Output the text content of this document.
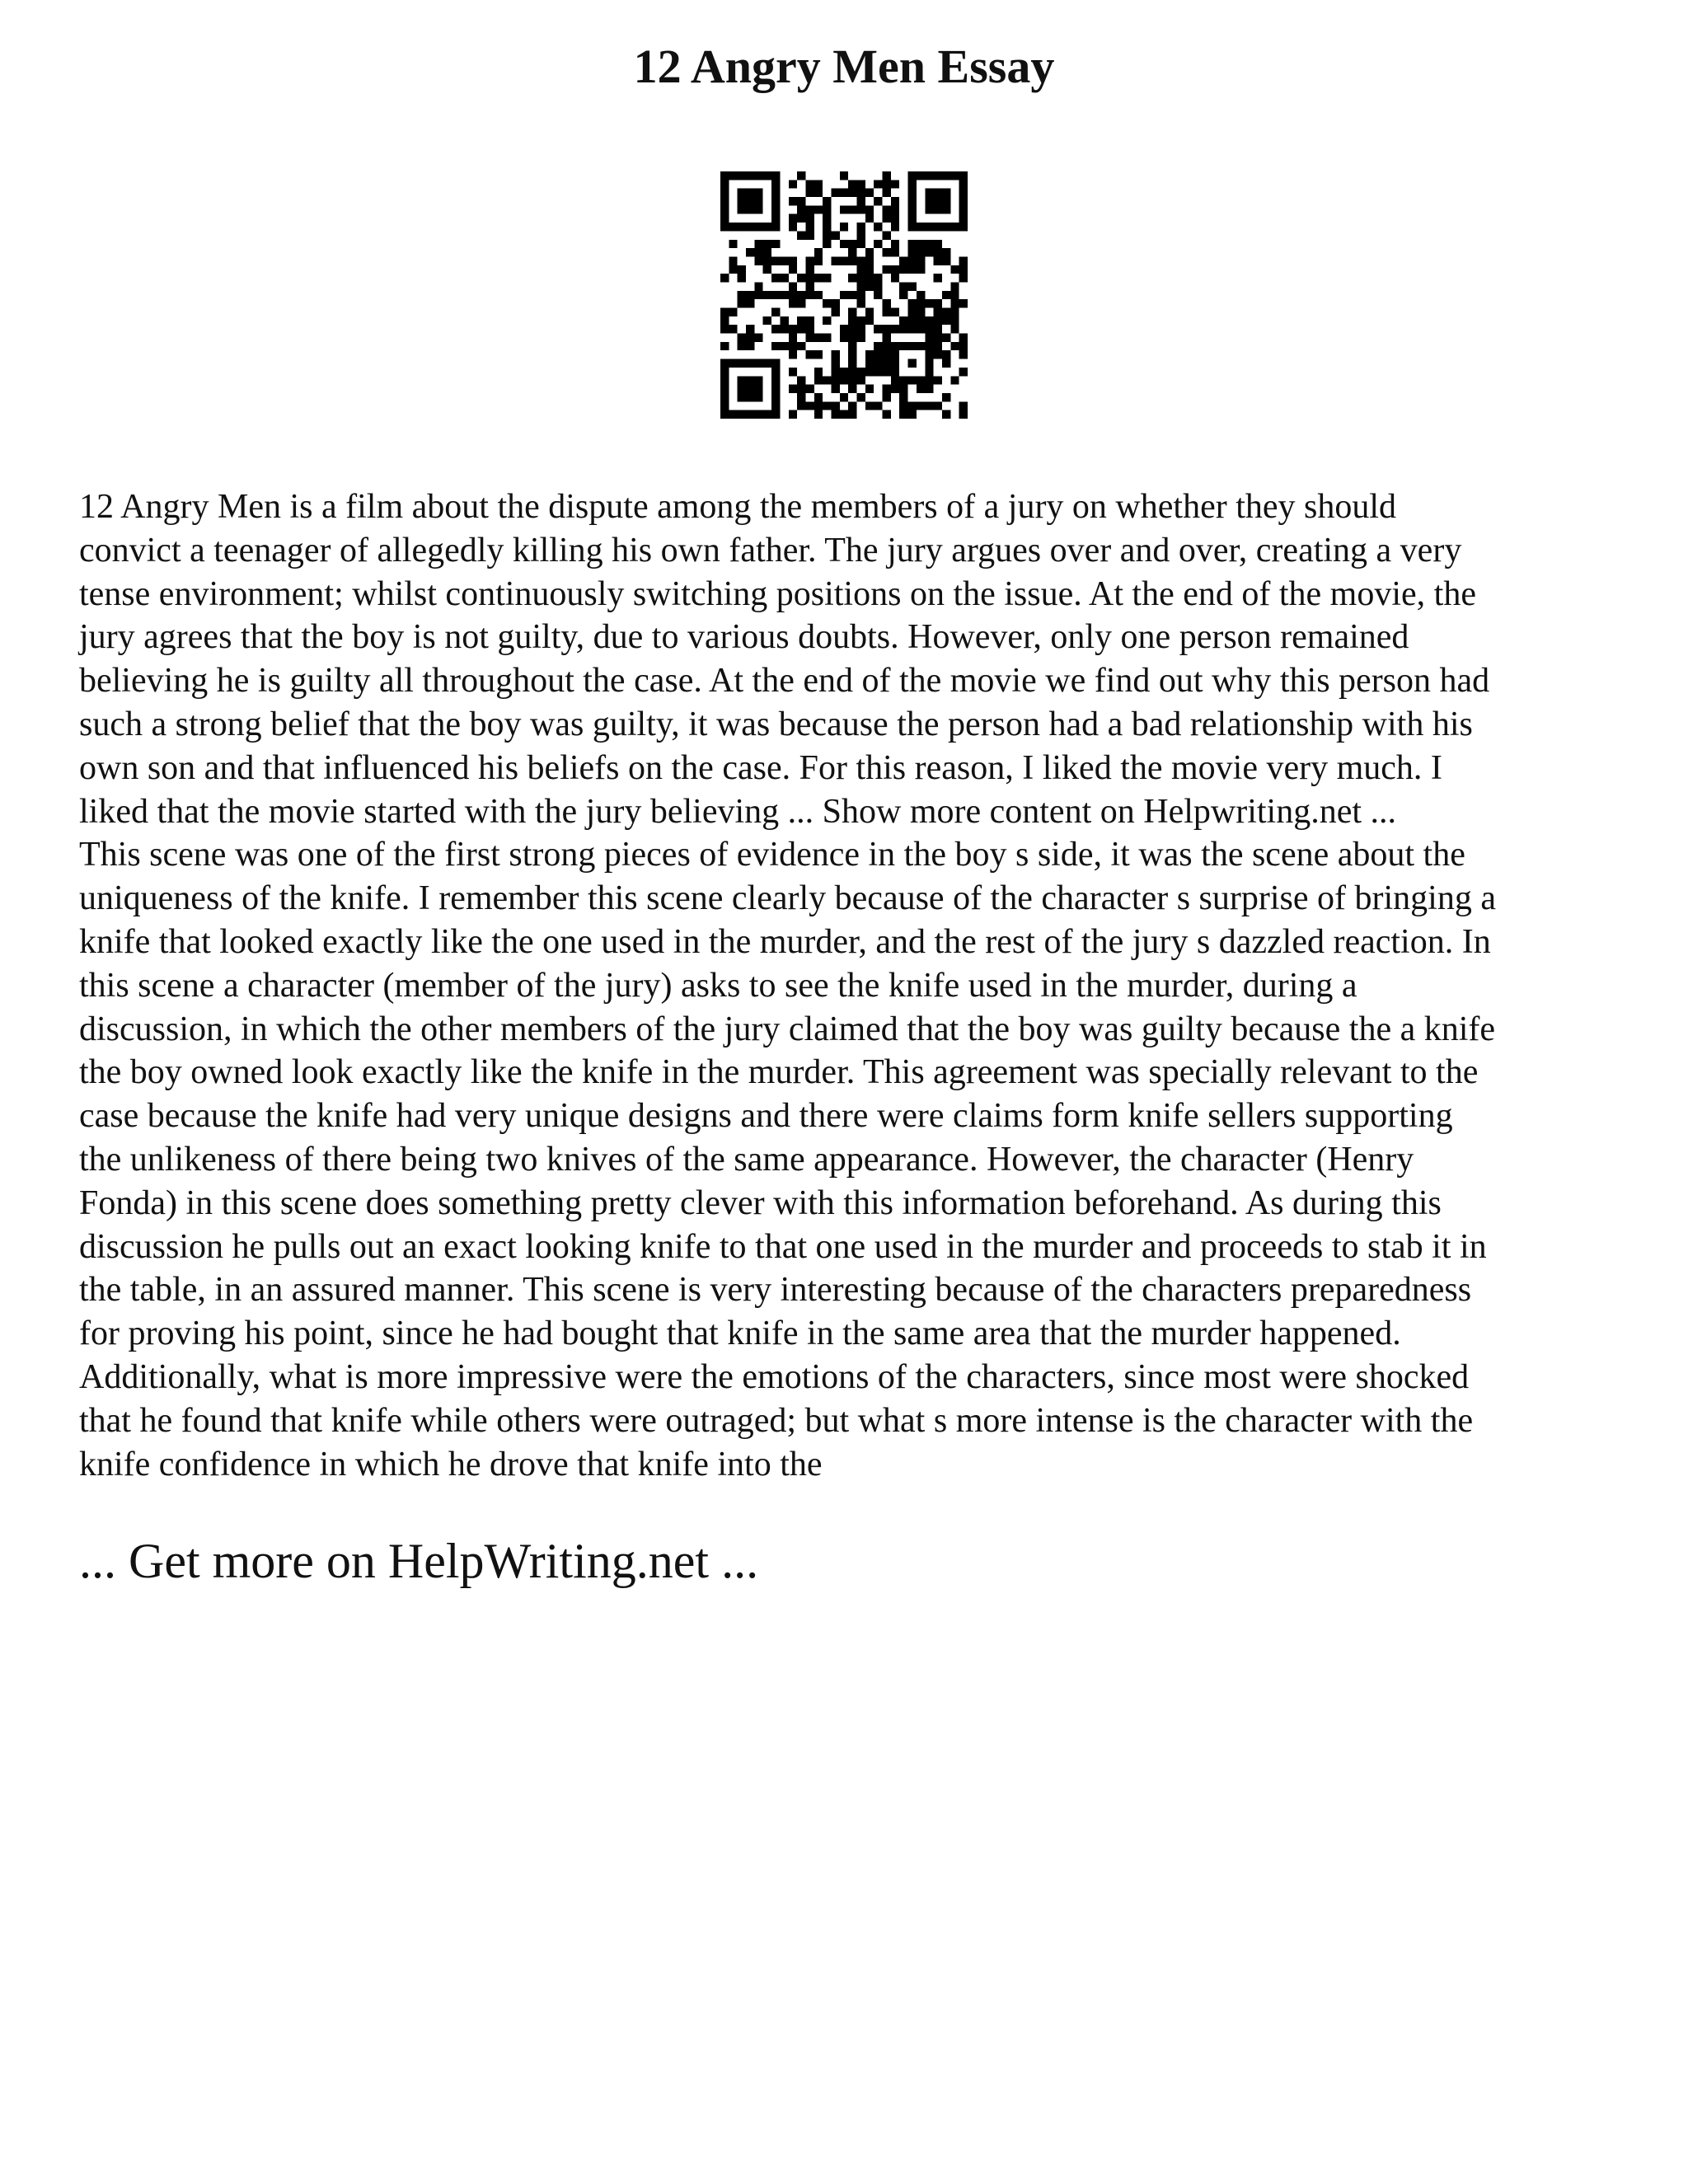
12 Angry Men Essay

12 Angry Men is a film about the dispute among the members of a jury on whether they should
convict a teenager of allegedly killing his own father. The jury argues over and over, creating a very
tense environment; whilst continuously switching positions on the issue. At the end of the movie, the
jury agrees that the boy is not guilty, due to various doubts. However, only one person remained
believing he is guilty all throughout the case. At the end of the movie we find out why this person had
such a strong belief that the boy was guilty, it was because the person had a bad relationship with his
own son and that influenced his beliefs on the case. For this reason, I liked the movie very much. I
liked that the movie started with the jury believing ... Show more content on Helpwriting.net ...
This scene was one of the first strong pieces of evidence in the boy s side, it was the scene about the
uniqueness of the knife. I remember this scene clearly because of the character s surprise of bringing a
knife that looked exactly like the one used in the murder, and the rest of the jury s dazzled reaction. In
this scene a character (member of the jury) asks to see the knife used in the murder, during a
discussion, in which the other members of the jury claimed that the boy was guilty because the a knife
the boy owned look exactly like the knife in the murder. This agreement was specially relevant to the
case because the knife had very unique designs and there were claims form knife sellers supporting
the unlikeness of there being two knives of the same appearance. However, the character (Henry
Fonda) in this scene does something pretty clever with this information beforehand. As during this
discussion he pulls out an exact looking knife to that one used in the murder and proceeds to stab it in
the table, in an assured manner. This scene is very interesting because of the characters preparedness
for proving his point, since he had bought that knife in the same area that the murder happened.
Additionally, what is more impressive were the emotions of the characters, since most were shocked
that he found that knife while others were outraged; but what s more intense is the character with the
knife confidence in which he drove that knife into the

... Get more on HelpWriting.net ...
